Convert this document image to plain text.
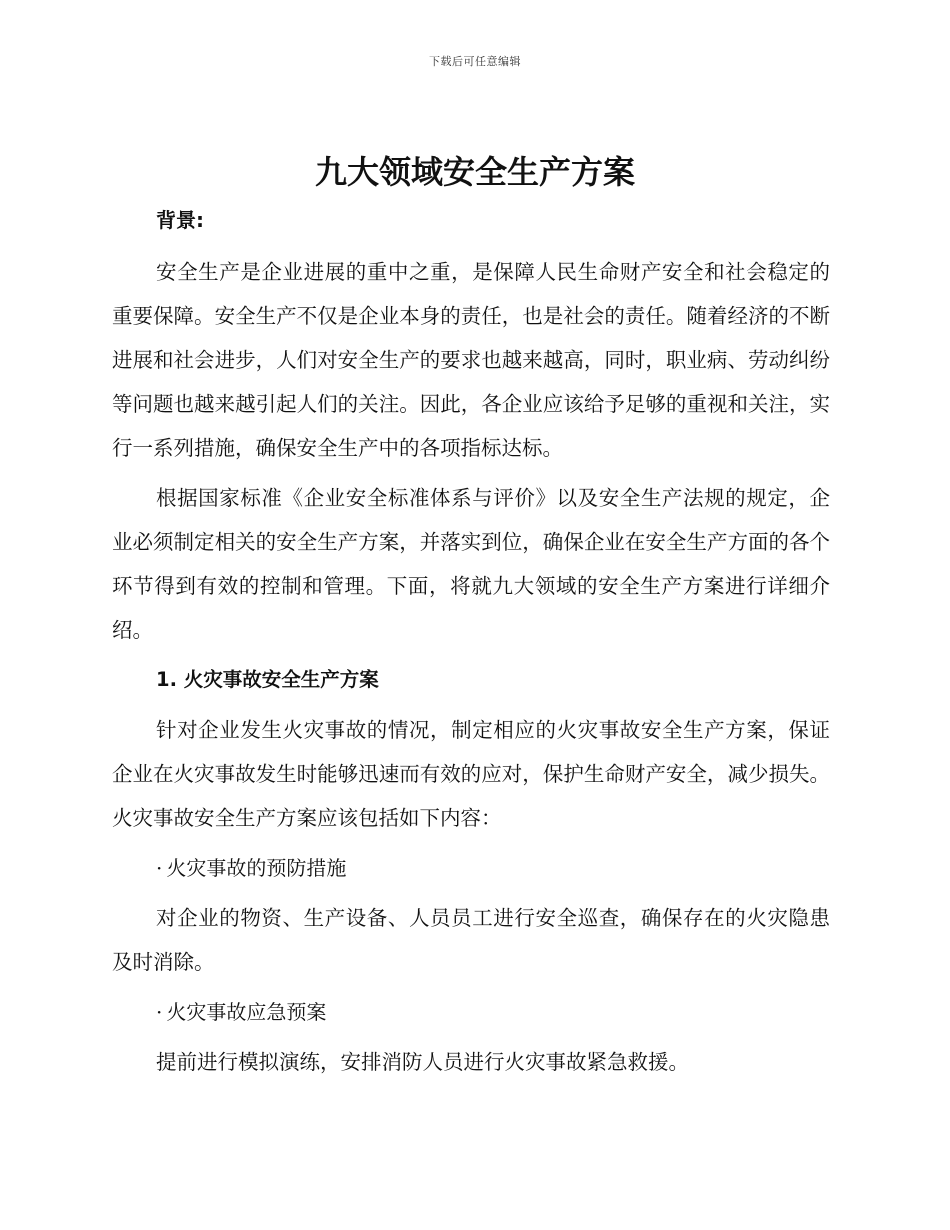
下载后可任意编辑
九大领域安全生产方案
背景:

安全生产是企业进展的重中之重，是保障人民生命财产安全和社会稳定的重要保障。安全生产不仅是企业本身的责任，也是社会的责任。随着经济的不断进展和社会进步，人们对安全生产的要求也越来越高，同时，职业病、劳动纠纷等问题也越来越引起人们的关注。因此，各企业应该给予足够的重视和关注，实行一系列措施，确保安全生产中的各项指标达标。

根据国家标准《企业安全标准体系与评价》以及安全生产法规的规定，企业必须制定相关的安全生产方案，并落实到位，确保企业在安全生产方面的各个环节得到有效的控制和管理。下面，将就九大领域的安全生产方案进行详细介绍。

1. 火灾事故安全生产方案

针对企业发生火灾事故的情况，制定相应的火灾事故安全生产方案，保证企业在火灾事故发生时能够迅速而有效的应对，保护生命财产安全，减少损失。火灾事故安全生产方案应该包括如下内容：

· 火灾事故的预防措施

对企业的物资、生产设备、人员员工进行安全巡查，确保存在的火灾隐患及时消除。

· 火灾事故应急预案

提前进行模拟演练，安排消防人员进行火灾事故紧急救援。
